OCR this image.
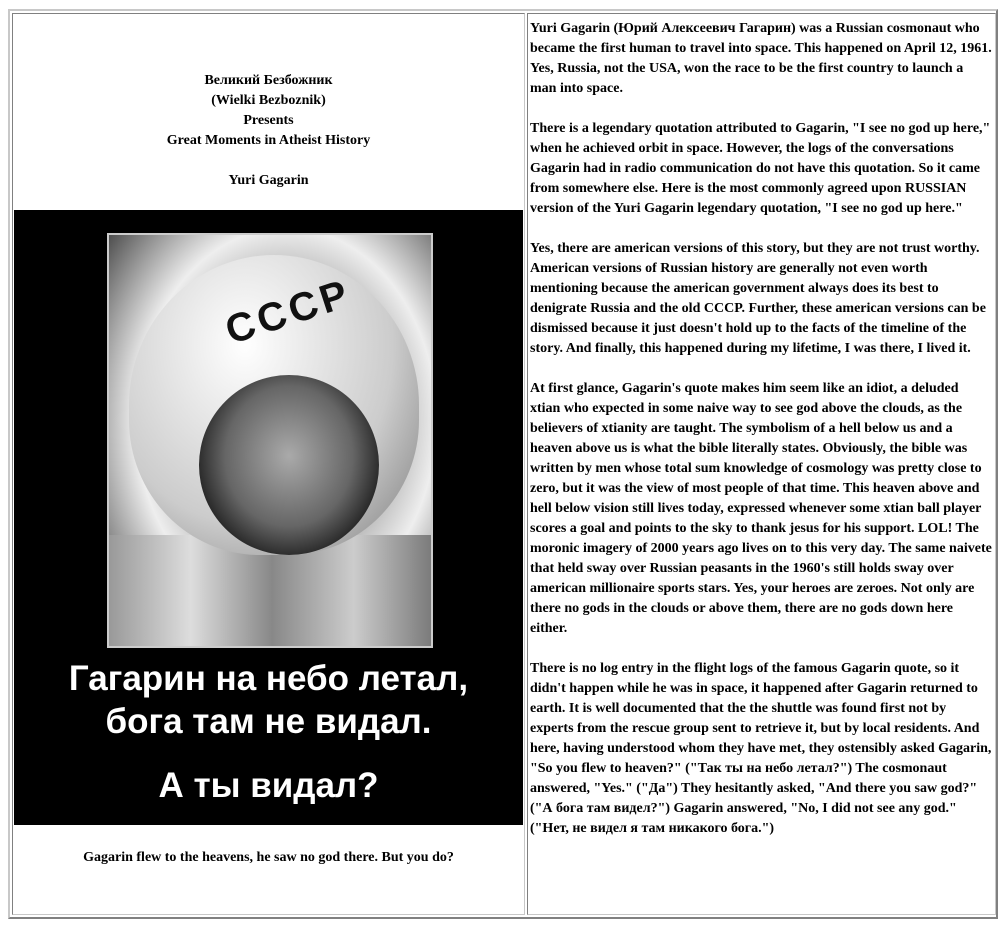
Великий Безбожник
(Wielki Bezboznik)
Presents
Great Moments in Atheist History

Yuri Gagarin
CCCP
Гагарин на небо летал,
бога там не видал.
А ты видал?
Gagarin flew to the heavens, he saw no god there. But you do?

Yuri Gagarin (Юрий Алексеевич Гагарин) was a Russian cosmonaut who became the first human to travel into space. This happened on April 12, 1961. Yes, Russia, not the USA, won the race to be the first country to launch a man into space.

There is a legendary quotation attributed to Gagarin, "I see no god up here," when he achieved orbit in space. However, the logs of the conversations Gagarin had in radio communication do not have this quotation. So it came from somewhere else. Here is the most commonly agreed upon RUSSIAN version of the Yuri Gagarin legendary quotation, "I see no god up here."

Yes, there are american versions of this story, but they are not trust worthy. American versions of Russian history are generally not even worth mentioning because the american government always does its best to denigrate Russia and the old CCCP. Further, these american versions can be dismissed because it just doesn't hold up to the facts of the timeline of the story. And finally, this happened during my lifetime, I was there, I lived it.

At first glance, Gagarin's quote makes him seem like an idiot, a deluded xtian who expected in some naive way to see god above the clouds, as the believers of xtianity are taught. The symbolism of a hell below us and a heaven above us is what the bible literally states. Obviously, the bible was written by men whose total sum knowledge of cosmology was pretty close to zero, but it was the view of most people of that time. This heaven above and hell below vision still lives today, expressed whenever some xtian ball player scores a goal and points to the sky to thank jesus for his support. LOL! The moronic imagery of 2000 years ago lives on to this very day. The same naivete that held sway over Russian peasants in the 1960's still holds sway over american millionaire sports stars. Yes, your heroes are zeroes. Not only are there no gods in the clouds or above them, there are no gods down here either.

There is no log entry in the flight logs of the famous Gagarin quote, so it didn't happen while he was in space, it happened after Gagarin returned to earth. It is well documented that the the shuttle was found first not by experts from the rescue group sent to retrieve it, but by local residents. And here, having understood whom they have met, they ostensibly asked Gagarin, "So you flew to heaven?" ("Так ты на небо летал?") The cosmonaut answered, "Yes." ("Да") They hesitantly asked, "And there you saw god?" ("А бога там видел?") Gagarin answered, "No, I did not see any god." ("Нет, не видел я там никакого бога.")
